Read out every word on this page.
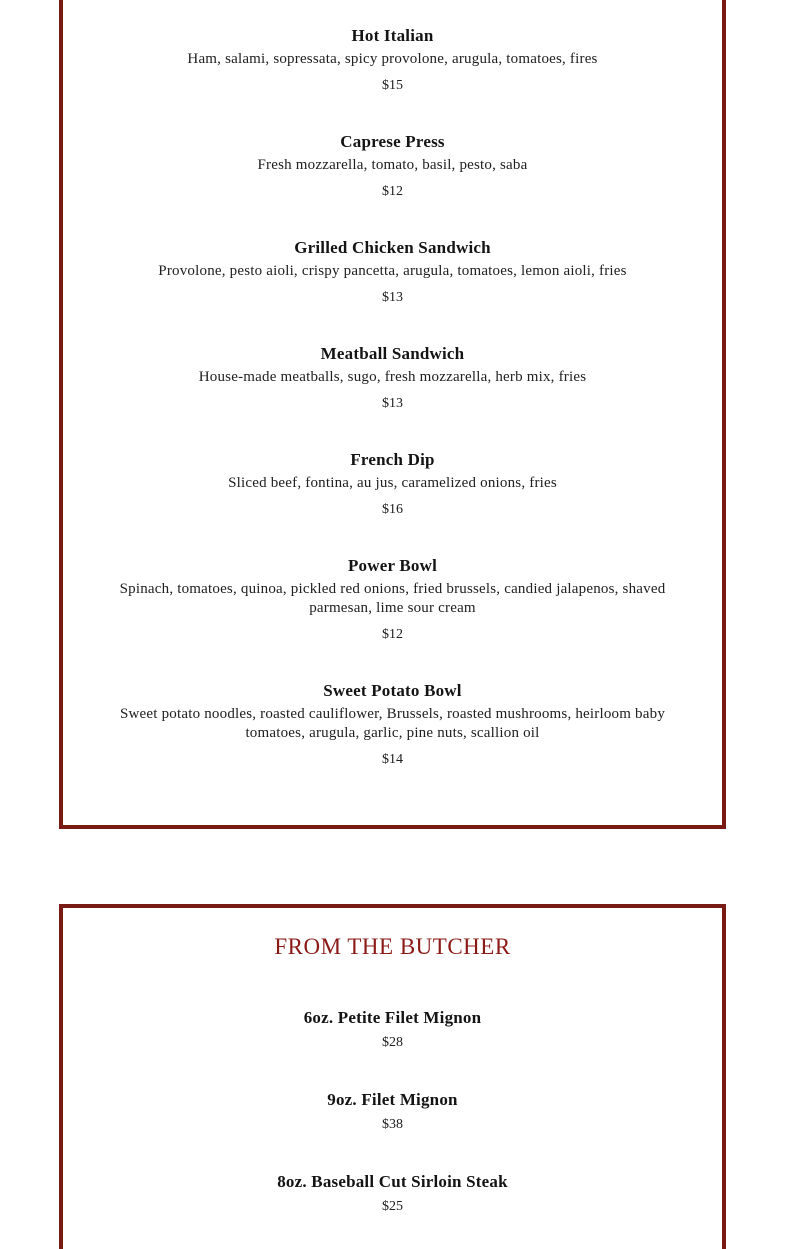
Hot Italian
Ham, salami, sopressata, spicy provolone, arugula, tomatoes, fires
$15
Caprese Press
Fresh mozzarella, tomato, basil, pesto, saba
$12
Grilled Chicken Sandwich
Provolone, pesto aioli, crispy pancetta, arugula, tomatoes, lemon aioli, fries
$13
Meatball Sandwich
House-made meatballs, sugo, fresh mozzarella, herb mix, fries
$13
French Dip
Sliced beef, fontina, au jus, caramelized onions, fries
$16
Power Bowl
Spinach, tomatoes, quinoa, pickled red onions, fried brussels, candied jalapenos, shaved parmesan, lime sour cream
$12
Sweet Potato Bowl
Sweet potato noodles, roasted cauliflower, Brussels, roasted mushrooms, heirloom baby tomatoes, arugula, garlic, pine nuts, scallion oil
$14
FROM THE BUTCHER
6oz. Petite Filet Mignon
$28
9oz. Filet Mignon
$38
8oz. Baseball Cut Sirloin Steak
$25
